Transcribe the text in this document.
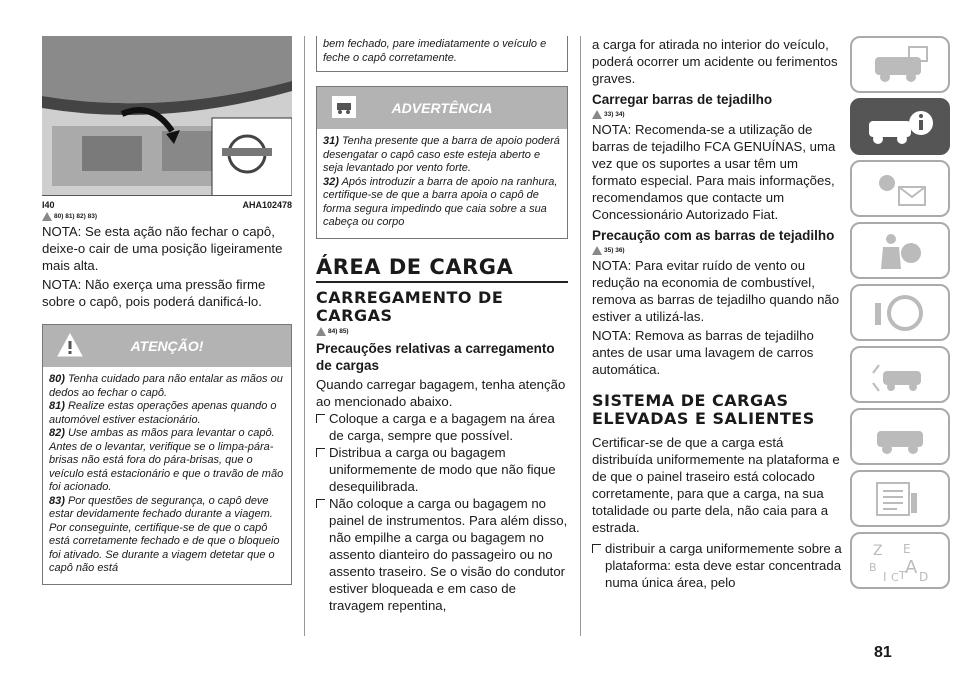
I40	AHA102478
80) 81) 82) 83)

NOTA: Se esta ação não fechar o capô, deixe-o cair de uma posição ligeiramente mais alta.

NOTA: Não exerça uma pressão firme sobre o capô, pois poderá danificá-lo.

ATENÇÃO!
80) Tenha cuidado para não entalar as mãos ou dedos ao fechar o capô.
81) Realize estas operações apenas quando o automóvel estiver estacionário.
82) Use ambas as mãos para levantar o capô. Antes de o levantar, verifique se o limpa-pára-brisas não está fora do pára-brisas, que o veículo está estacionário e que o travão de mão foi acionado.
83) Por questões de segurança, o capô deve estar devidamente fechado durante a viagem. Por conseguinte, certifique-se de que o capô está corretamente fechado e de que o bloqueio foi ativado. Se durante a viagem detetar que o capô não está
bem fechado, pare imediatamente o veículo e feche o capô corretamente.
ADVERTÊNCIA
31) Tenha presente que a barra de apoio poderá desengatar o capô caso este esteja aberto e seja levantado por vento forte.
32) Após introduzir a barra de apoio na ranhura, certifique-se de que a barra apoia o capô de forma segura impedindo que caia sobre a sua cabeça ou corpo
ÁREA DE CARGA
CARREGAMENTO DE CARGAS
84) 85)
Precauções relativas a carregamento de cargas

Quando carregar bagagem, tenha atenção ao mencionado abaixo.

Coloque a carga e a bagagem na área de carga, sempre que possível.
Distribua a carga ou bagagem uniformemente de modo que não fique desequilibrada.
Não coloque a carga ou bagagem no painel de instrumentos. Para além disso, não empilhe a carga ou bagagem no assento dianteiro do passageiro ou no assento traseiro. Se o visão do condutor estiver bloqueada e em caso de travagem repentina,

a carga for atirada no interior do veículo, poderá ocorrer um acidente ou ferimentos graves.

Carregar barras de tejadilho
33) 34)

NOTA: Recomenda-se a utilização de barras de tejadilho FCA GENUÍNAS, uma vez que os suportes a usar têm um formato especial. Para mais informações, recomendamos que contacte um Concessionário Autorizado Fiat.

Precaução com as barras de tejadilho
35) 36)

NOTA: Para evitar ruído de vento ou redução na economia de combustível, remova as barras de tejadilho quando não estiver a utilizá-las.

NOTA: Remova as barras de tejadilho antes de usar uma lavagem de carros automática.

SISTEMA DE CARGAS ELEVADAS E SALIENTES

Certificar-se de que a carga está distribuída uniformemente na plataforma e de que o painel traseiro está colocado corretamente, para que a carga, na sua totalidade ou parte dela, não caia para a estrada.

distribuir a carga uniformemente sobre a plataforma: esta deve estar concentrada numa única área, pelo
Z E
B A
I C T D
81
